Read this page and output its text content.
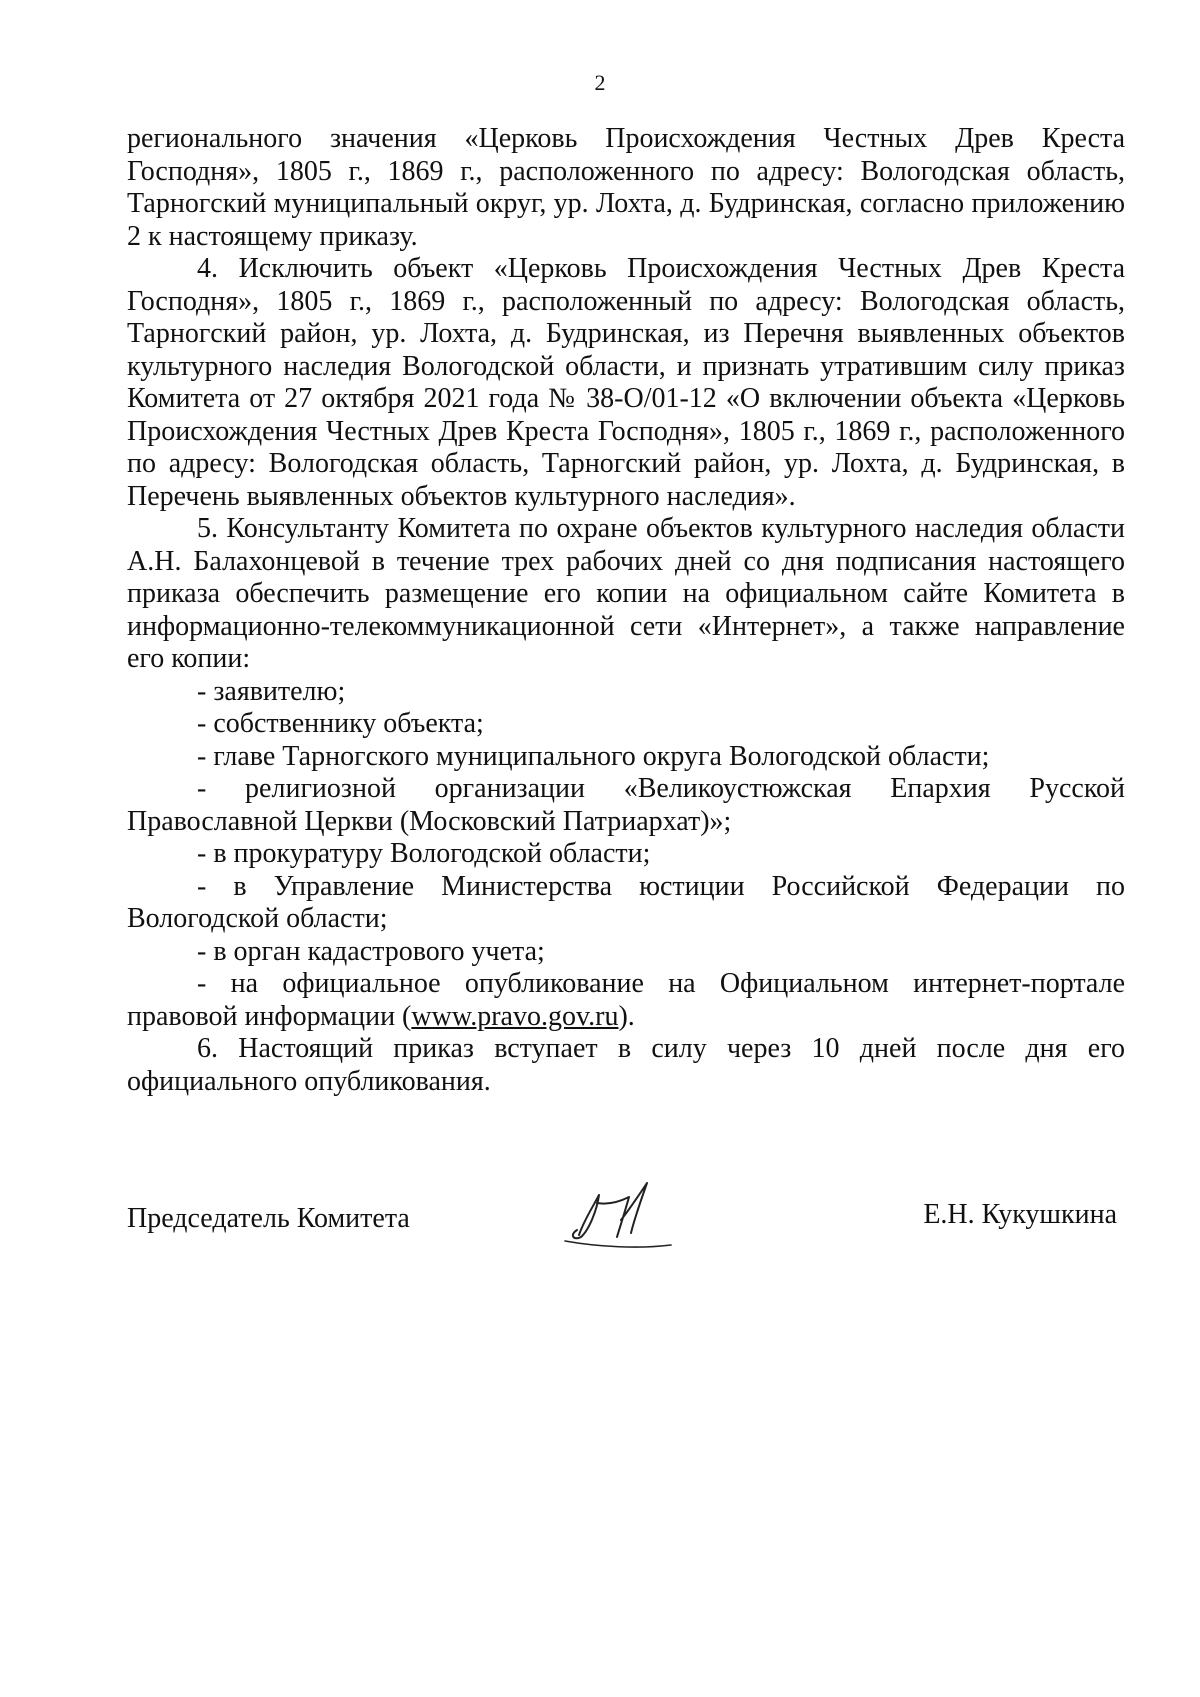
2

регионального значения «Церковь Происхождения Честных Древ Креста Господня», 1805 г., 1869 г., расположенного по адресу: Вологодская область, Тарногский муниципальный округ, ур. Лохта, д. Будринская, согласно приложению 2 к настоящему приказу.

4. Исключить объект «Церковь Происхождения Честных Древ Креста Господня», 1805 г., 1869 г., расположенный по адресу: Вологодская область, Тарногский район, ур. Лохта, д. Будринская, из Перечня выявленных объектов культурного наследия Вологодской области, и признать утратившим силу приказ Комитета от 27 октября 2021 года № 38-О/01-12 «О включении объекта «Церковь Происхождения Честных Древ Креста Господня», 1805 г., 1869 г., расположенного по адресу: Вологодская область, Тарногский район, ур. Лохта, д. Будринская, в Перечень выявленных объектов культурного наследия».

5. Консультанту Комитета по охране объектов культурного наследия области А.Н. Балахонцевой в течение трех рабочих дней со дня подписания настоящего приказа обеспечить размещение его копии на официальном сайте Комитета в информационно-телекоммуникационной сети «Интернет», а также направление его копии:

- заявителю;

- собственнику объекта;

- главе Тарногского муниципального округа Вологодской области;

- религиозной организации «Великоустюжская Епархия Русской Православной Церкви (Московский Патриархат)»;

- в прокуратуру Вологодской области;

- в Управление Министерства юстиции Российской Федерации по Вологодской области;

- в орган кадастрового учета;

- на официальное опубликование на Официальном интернет-портале правовой информации (www.pravo.gov.ru).

6. Настоящий приказ вступает в силу через 10 дней после дня его официального опубликования.

Председатель Комитета	Е.Н. Кукушкина
